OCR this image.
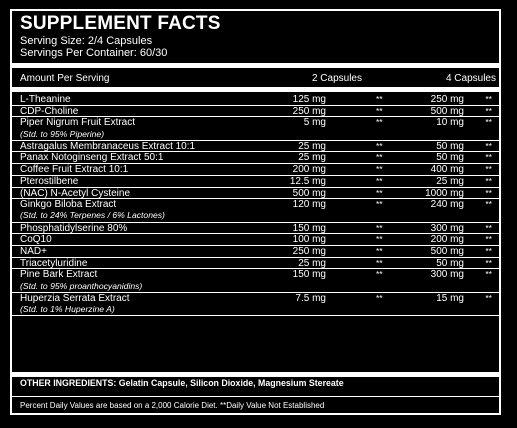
SUPPLEMENT FACTS
Serving Size: 2/4 Capsules
Servings Per Container: 60/30
Amount Per Serving	2 Capsules	4 Capsules
L-Theanine	125 mg	**	250 mg	**
CDP-Choline	250 mg	**	500 mg	**
Piper Nigrum Fruit Extract	5 mg	**	10 mg	**
(Std. to 95% Piperine)
Astragalus Membranaceus Extract 10:1	25 mg	**	50 mg	**
Panax Notoginseng Extract 50:1	25 mg	**	50 mg	**
Coffee Fruit Extract 10:1	200 mg	**	400 mg	**
Pterostilbene	12.5 mg	**	25 mg	**
(NAC) N-Acetyl Cysteine	500 mg	**	1000 mg	**
Ginkgo Biloba Extract	120 mg	**	240 mg	**
(Std. to 24% Terpenes / 6% Lactones)
Phosphatidylserine 80%	150 mg	**	300 mg	**
CoQ10	100 mg	**	200 mg	**
NAD+	250 mg	**	500 mg	**
Triacetyluridine	25 mg	**	50 mg	**
Pine Bark Extract	150 mg	**	300 mg	**
(Std. to 95% proanthocyanidins)
Huperzia Serrata Extract	7.5 mg	**	15 mg	**
(Std. to 1% Huperzine A)
OTHER INGREDIENTS: Gelatin Capsule, Silicon Dioxide, Magnesium Stereate
Percent Daily Values are based on a 2,000 Calorie Diet. **Daily Value Not Established
